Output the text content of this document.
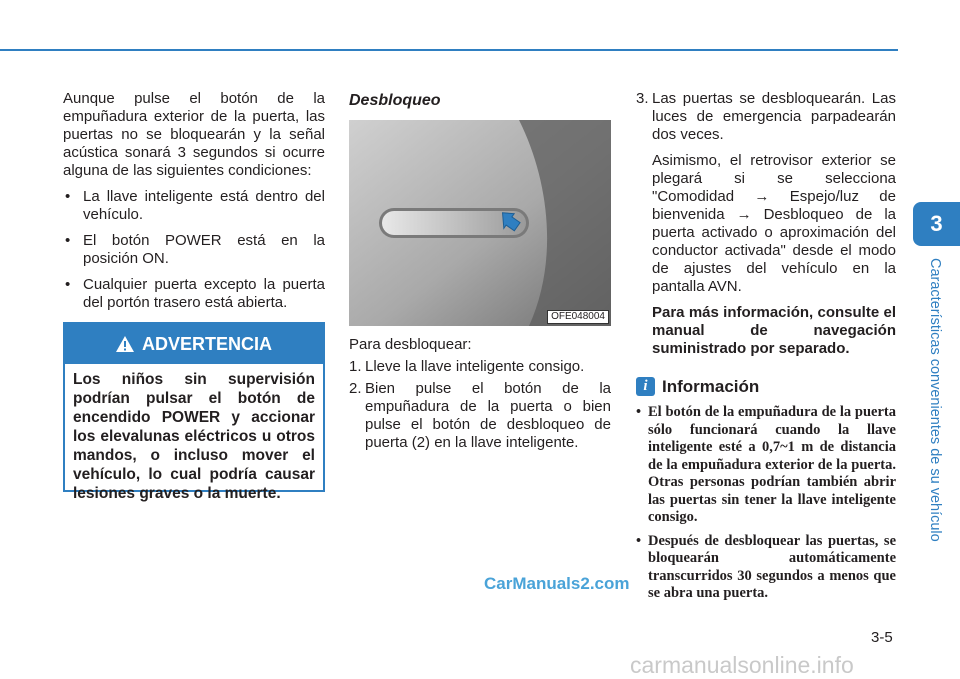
Aunque pulse el botón de la empuñadura exterior de la puerta, las puertas no se bloquearán y la señal acústica sonará 3 segundos si ocurre alguna de las siguientes condiciones:

• La llave inteligente está dentro del vehículo.
• El botón POWER está en la posición ON.
• Cualquier puerta excepto la puerta del portón trasero está abierta.
ADVERTENCIA
Los niños sin supervisión podrían pulsar el botón de encendido POWER y accionar los elevalunas eléctricos u otros mandos, o incluso mover el vehículo, lo cual podría causar lesiones graves o la muerte.

Desbloqueo

OFE048004

Para desbloquear:

1. Lleve la llave inteligente consigo.
2. Bien pulse el botón de la empuñadura de la puerta o bien pulse el botón de desbloqueo de puerta (2) en la llave inteligente.
3. Las puertas se desbloquearán. Las luces de emergencia parpadearán dos veces.
Asimismo, el retrovisor exterior se plegará si se selecciona "Comodidad → Espejo/luz de bienvenida → Desbloqueo de la puerta activado o aproximación del conductor activada" desde el modo de ajustes del vehículo en la pantalla AVN.
Para más información, consulte el manual de navegación suministrado por separado.
i Información
• El botón de la empuñadura de la puerta sólo funcionará cuando la llave inteligente esté a 0,7~1 m de distancia de la empuñadura exterior de la puerta. Otras personas podrían también abrir las puertas sin tener la llave inteligente consigo.
• Después de desbloquear las puertas, se bloquearán automáticamente transcurridos 30 segundos a menos que se abra una puerta.
3
Características convenientes de su vehículo
3-5
CarManuals2.com
carmanualsonline.info
